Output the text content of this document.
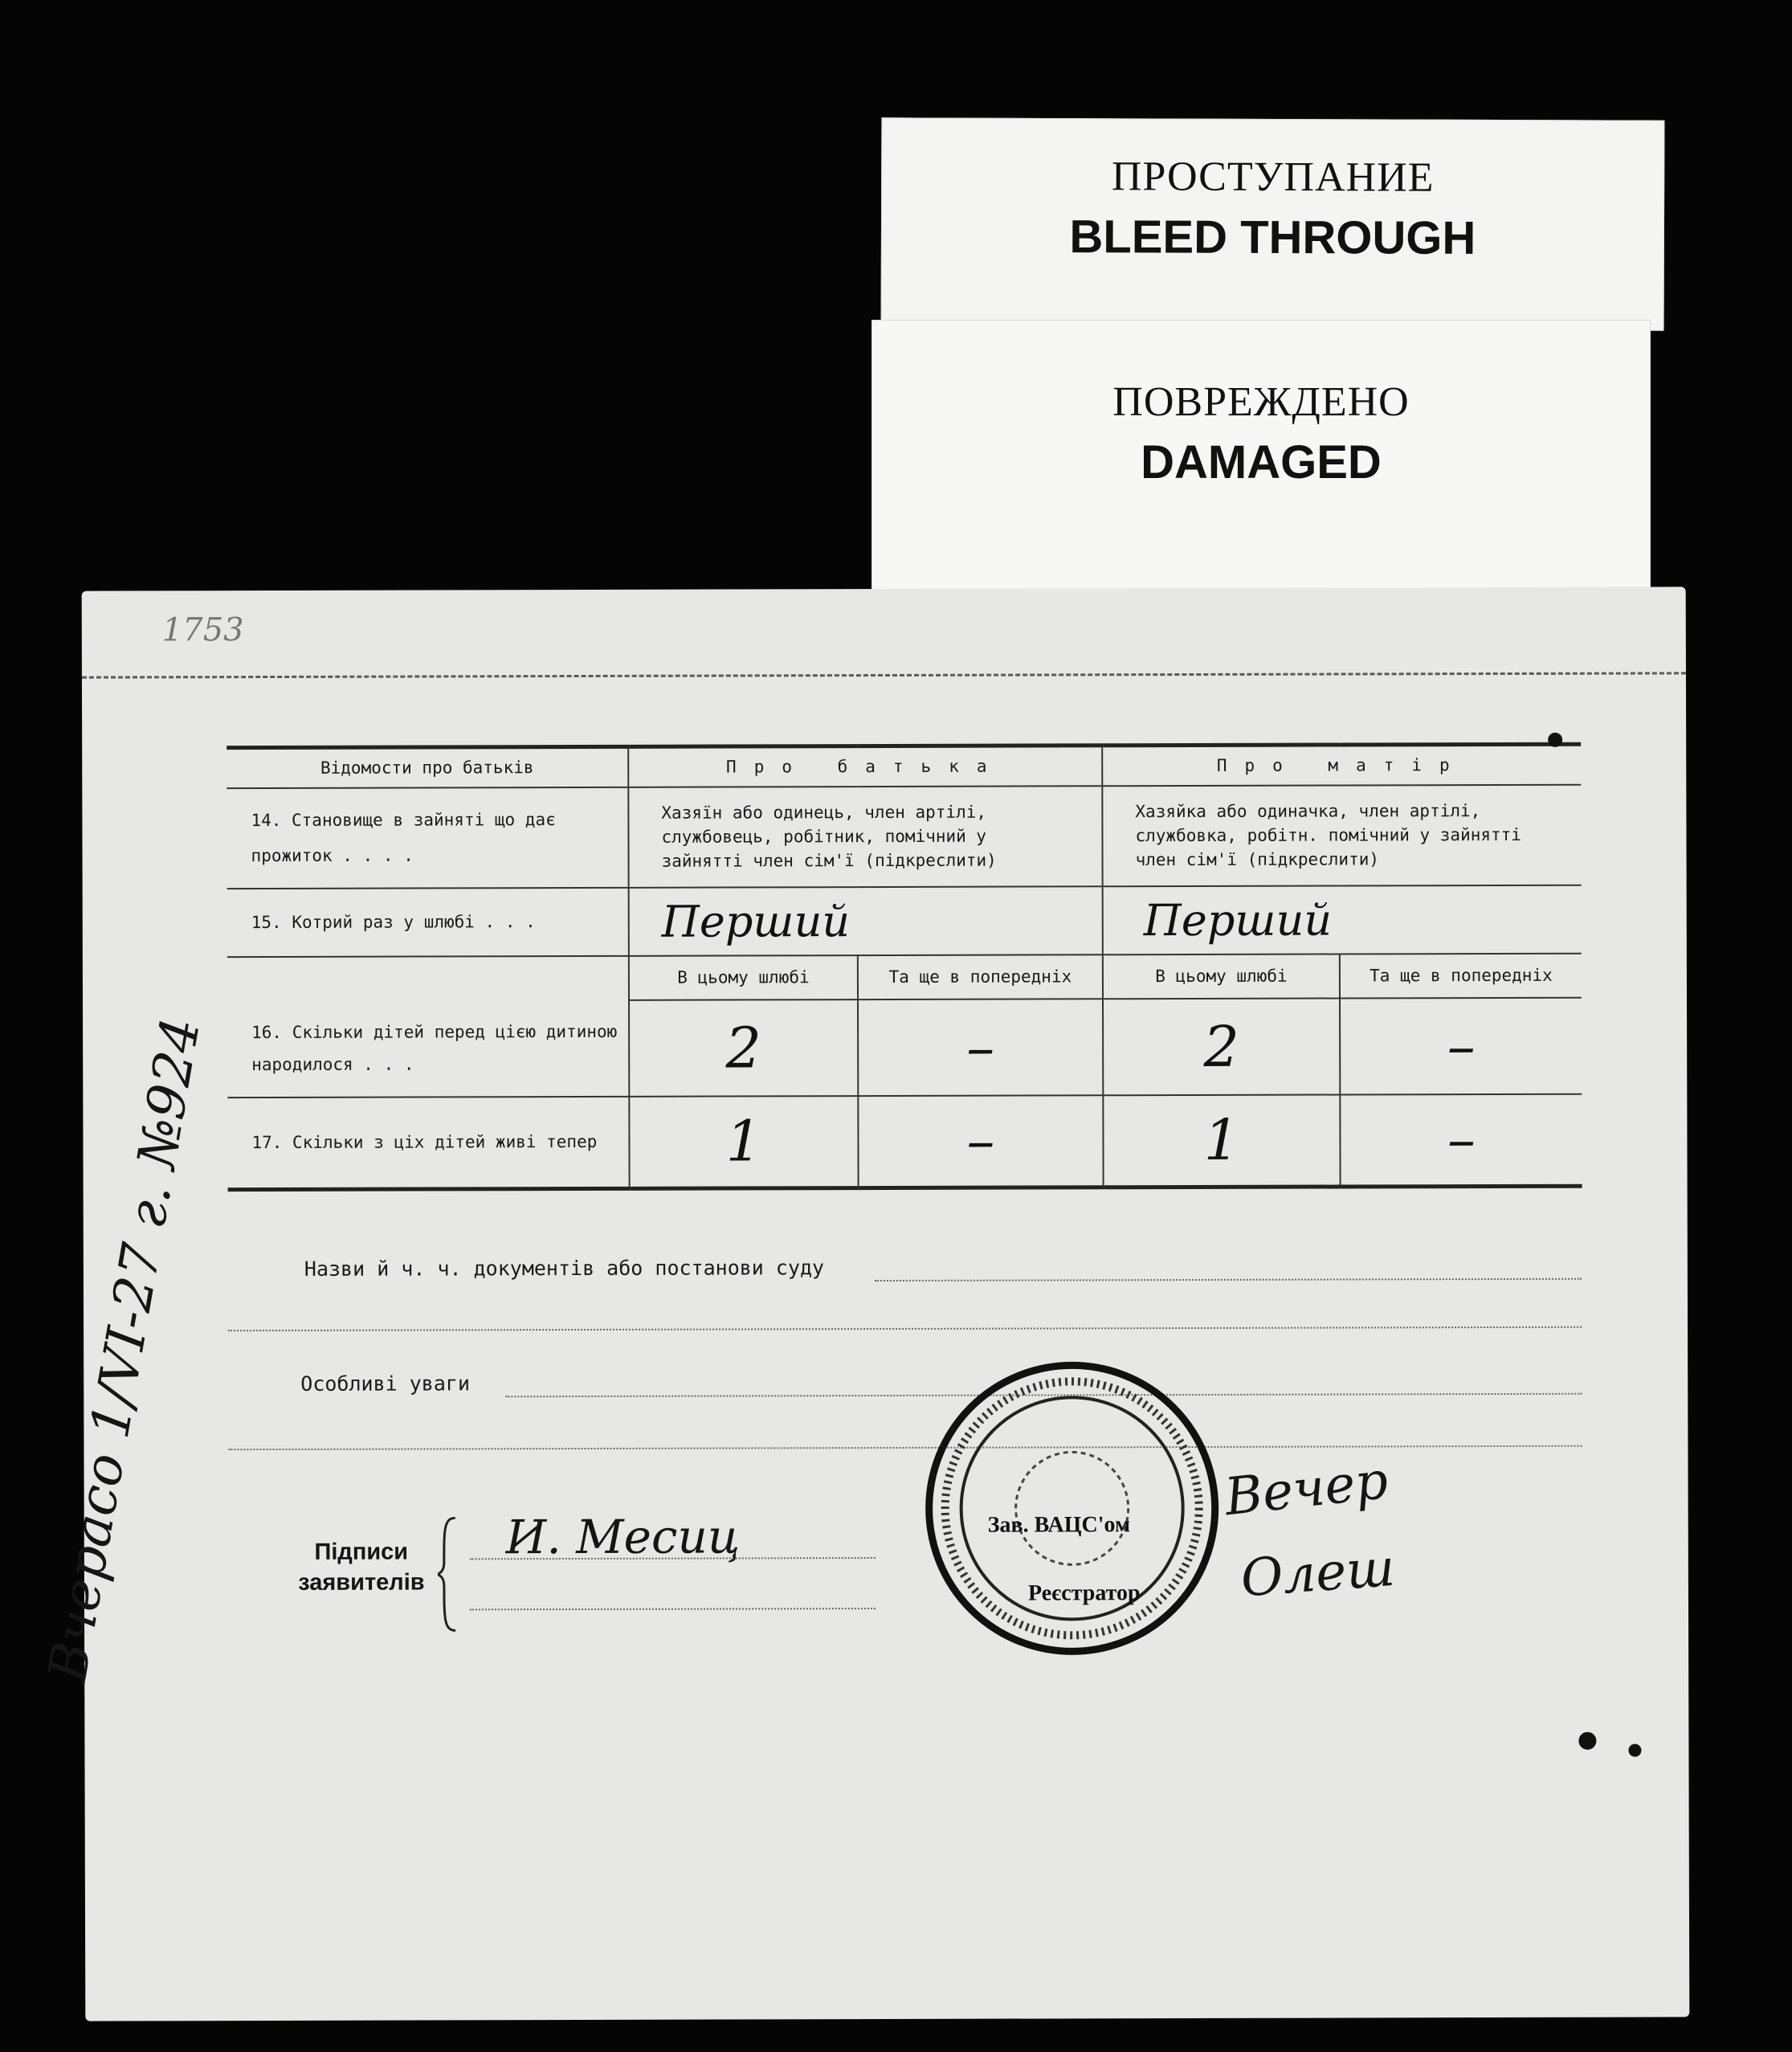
ПРОСТУПАНИЕ
BLEED THROUGH
ПОВРЕЖДЕНО
DAMAGED
1753
Відомости про батьків	Про батька		Про матір	
14. Становище в зайняті що дає прожиток . . . .	Хазяїн або одинець, член артілі, службовець, робітник, помічний у зайнятті член сім'ї (підкреслити)		Хазяйка або одиначка, член артілі, службовка, робітн. помічний у зайнятті член сім'ї (підкреслити)	
15. Котрий раз у шлюбі . . .	Перший		Перший	
	В цьому шлюбі	Та ще в попередніх	В цьому шлюбі	Та ще в попередніх
16. Скільки дітей перед цією дитиною народилося . . .	2	–	2	–
17. Скільки з ціх дітей живі тепер	1	–	1	–
Назви й ч. ч. документів або постанови суду
Особливі уваги
Підписи заявителів
И. Месиц	Зав. ВАЦС'ом
Реєстратор
Вечер
Олеш
Вчерасо 1/VI-27 г. №924
